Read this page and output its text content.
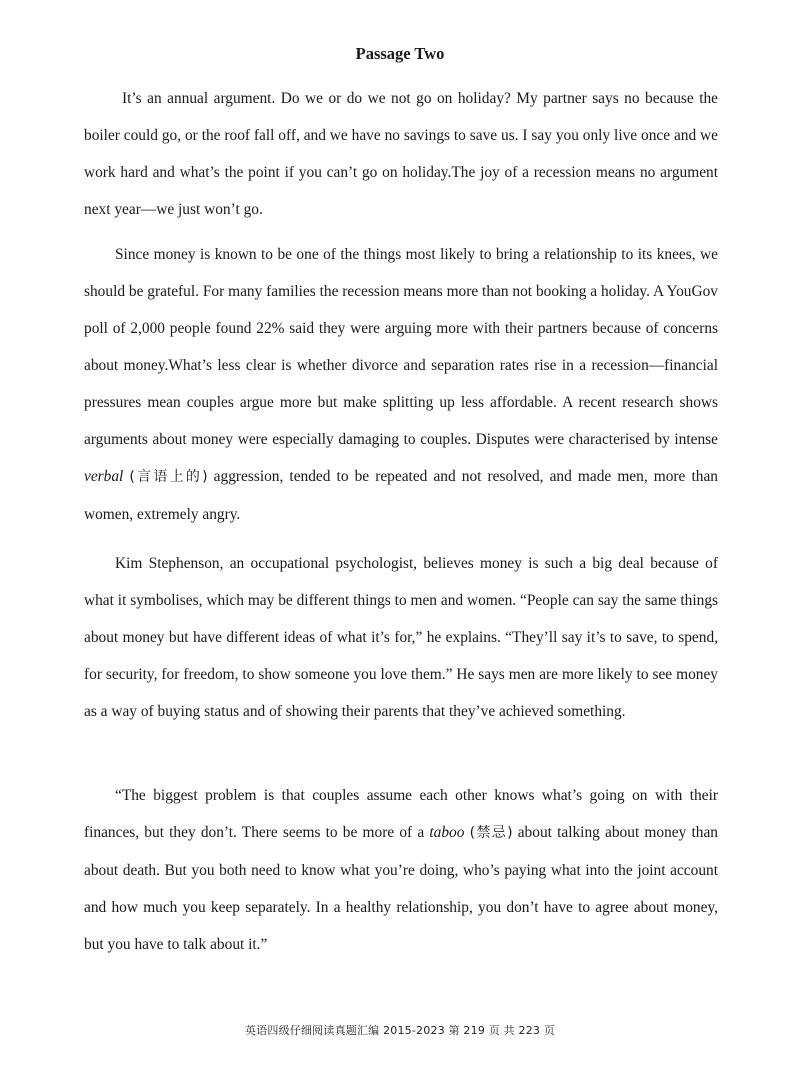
Passage Two

It’s an annual argument. Do we or do we not go on holiday? My partner says no because the boiler could go, or the roof fall off, and we have no savings to save us. I say you only live once and we work hard and what’s the point if you can’t go on holiday.The joy of a recession means no argument next year—we just won’t go.

Since money is known to be one of the things most likely to bring a relationship to its knees, we should be grateful. For many families the recession means more than not booking a holiday. A YouGov poll of 2,000 people found 22% said they were arguing more with their partners because of concerns about money.What’s less clear is whether divorce and separation rates rise in a recession—financial pressures mean couples argue more but make splitting up less affordable. A recent research shows arguments about money were especially damaging to couples. Disputes were characterised by intense verbal (言语上的) aggression, tended to be repeated and not resolved, and made men, more than women, extremely angry.

Kim Stephenson, an occupational psychologist, believes money is such a big deal because of what it symbolises, which may be different things to men and women. “People can say the same things about money but have different ideas of what it’s for,” he explains. “They’ll say it’s to save, to spend, for security, for freedom, to show someone you love them.” He says men are more likely to see money as a way of buying status and of showing their parents that they’ve achieved something.

“The biggest problem is that couples assume each other knows what’s going on with their finances, but they don’t. There seems to be more of a taboo (禁忌) about talking about money than about death. But you both need to know what you’re doing, who’s paying what into the joint account and how much you keep separately. In a healthy relationship, you don’t have to agree about money, but you have to talk about it.”

英语四级仔细阅读真题汇编 2015-2023 第 219 页 共 223 页
